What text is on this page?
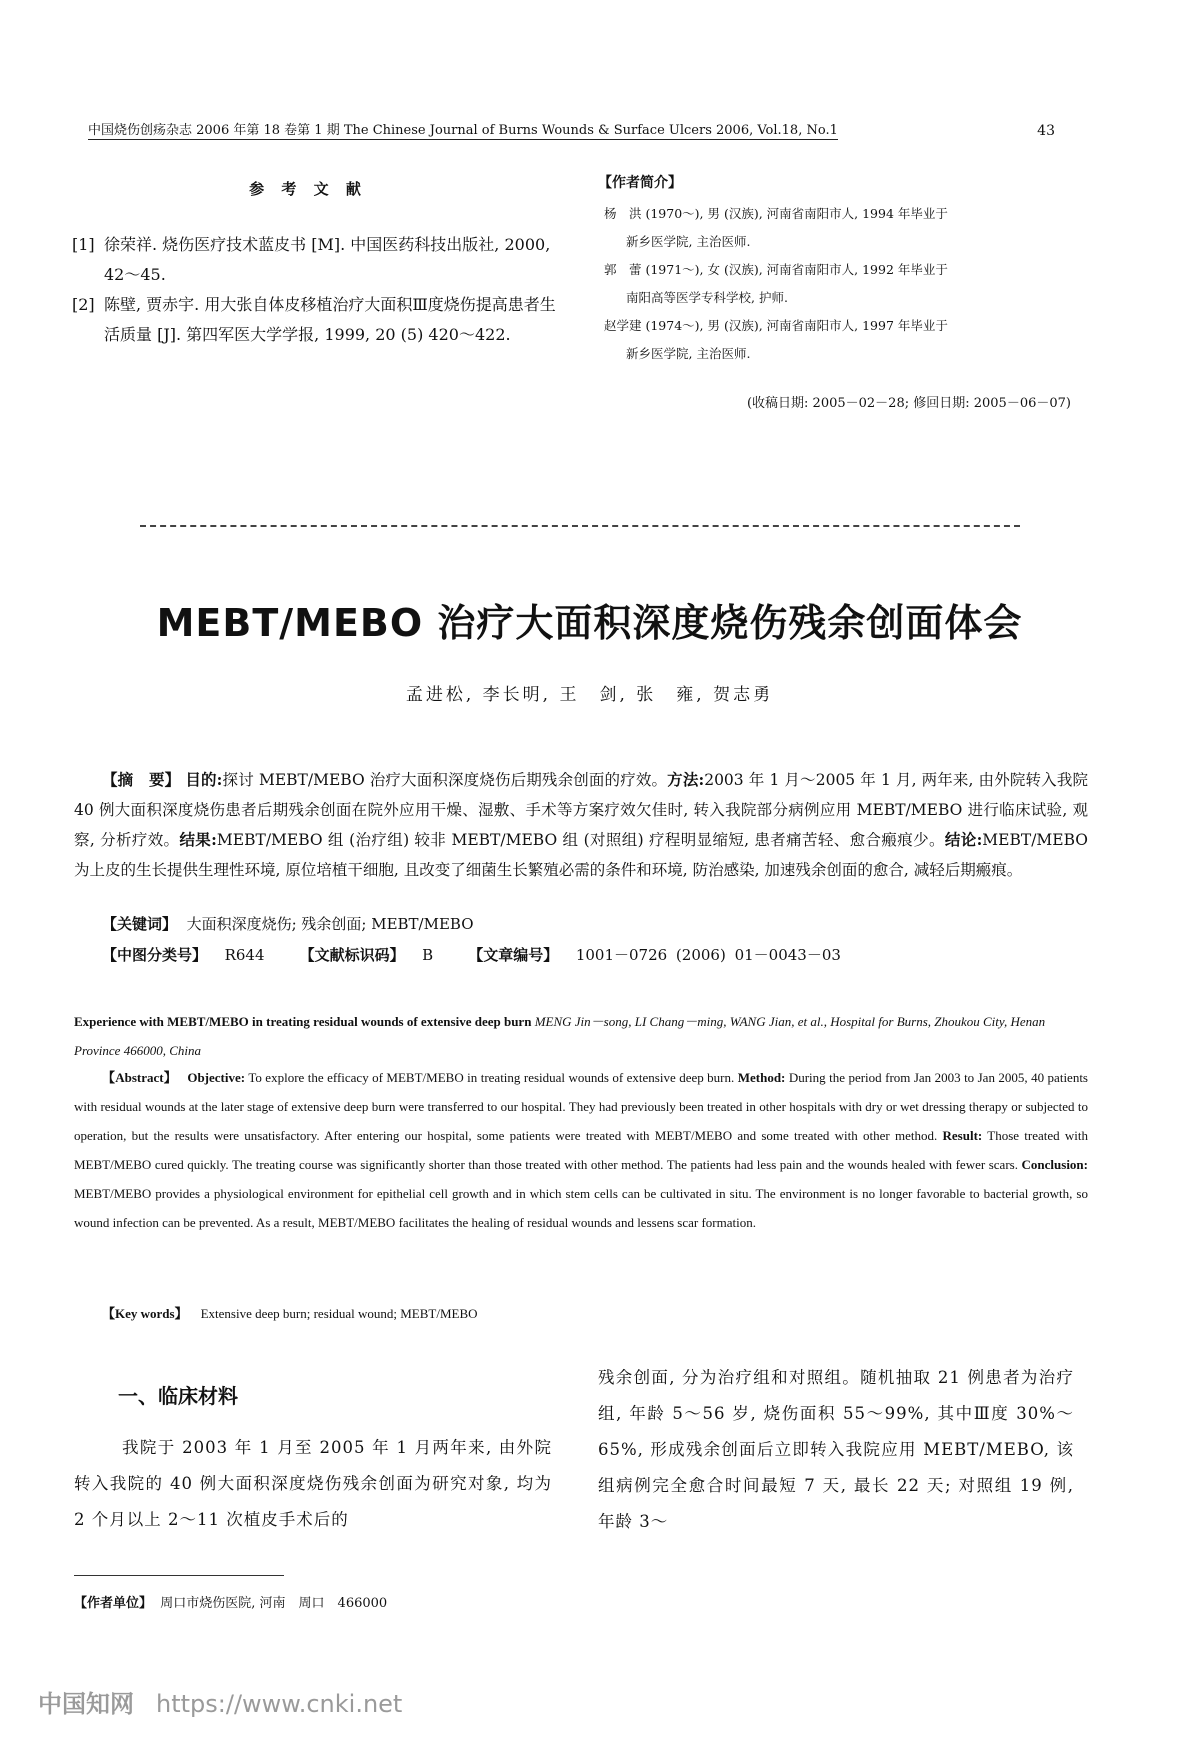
中国烧伤创疡杂志 2006 年第 18 卷第 1 期 The Chinese Journal of Burns Wounds & Surface Ulcers 2006, Vol.18, No.1	43
参 考 文 献
[1] 徐荣祥. 烧伤医疗技术蓝皮书 [M]. 中国医药科技出版社, 2000, 42～45.
[2] 陈壁, 贾赤宇. 用大张自体皮移植治疗大面积Ⅲ度烧伤提高患者生活质量 [J]. 第四军医大学学报, 1999, 20 (5) 420～422.
【作者简介】
杨　洪 (1970～), 男 (汉族), 河南省南阳市人, 1994 年毕业于
新乡医学院, 主治医师.
郭　蕾 (1971～), 女 (汉族), 河南省南阳市人, 1992 年毕业于
南阳高等医学专科学校, 护师.
赵学建 (1974～), 男 (汉族), 河南省南阳市人, 1997 年毕业于
新乡医学院, 主治医师.
(收稿日期: 2005－02－28; 修回日期: 2005－06－07)
MEBT/MEBO 治疗大面积深度烧伤残余创面体会
孟进松, 李长明, 王　剑, 张　雍, 贺志勇
【摘　要】 目的:探讨 MEBT/MEBO 治疗大面积深度烧伤后期残余创面的疗效。方法:2003 年 1 月～2005 年 1 月, 两年来, 由外院转入我院 40 例大面积深度烧伤患者后期残余创面在院外应用干燥、湿敷、手术等方案疗效欠佳时, 转入我院部分病例应用 MEBT/MEBO 进行临床试验, 观察, 分析疗效。结果:MEBT/MEBO 组 (治疗组) 较非 MEBT/MEBO 组 (对照组) 疗程明显缩短, 患者痛苦轻、愈合瘢痕少。结论:MEBT/MEBO 为上皮的生长提供生理性环境, 原位培植干细胞, 且改变了细菌生长繁殖必需的条件和环境, 防治感染, 加速残余创面的愈合, 减轻后期瘢痕。
【关键词】 大面积深度烧伤; 残余创面; MEBT/MEBO
【中图分类号】 R644 【文献标识码】 B 【文章编号】 1001－0726 (2006) 01－0043－03
Experience with MEBT/MEBO in treating residual wounds of extensive deep burn MENG Jin－song, LI Chang－ming, WANG Jian, et al., Hospital for Burns, Zhoukou City, Henan Province 466000, China
【Abstract】 Objective: To explore the efficacy of MEBT/MEBO in treating residual wounds of extensive deep burn. Method: During the period from Jan 2003 to Jan 2005, 40 patients with residual wounds at the later stage of extensive deep burn were transferred to our hospital. They had previously been treated in other hospitals with dry or wet dressing therapy or subjected to operation, but the results were unsatisfactory. After entering our hospital, some patients were treated with MEBT/MEBO and some treated with other method. Result: Those treated with MEBT/MEBO cured quickly. The treating course was significantly shorter than those treated with other method. The patients had less pain and the wounds healed with fewer scars. Conclusion: MEBT/MEBO provides a physiological environment for epithelial cell growth and in which stem cells can be cultivated in situ. The environment is no longer favorable to bacterial growth, so wound infection can be prevented. As a result, MEBT/MEBO facilitates the healing of residual wounds and lessens scar formation.
【Key words】 Extensive deep burn; residual wound; MEBT/MEBO
一、临床材料
我院于 2003 年 1 月至 2005 年 1 月两年来, 由外院转入我院的 40 例大面积深度烧伤残余创面为研究对象, 均为 2 个月以上 2～11 次植皮手术后的
残余创面, 分为治疗组和对照组。随机抽取 21 例患者为治疗组, 年龄 5～56 岁, 烧伤面积 55～99%, 其中Ⅲ度 30%～65%, 形成残余创面后立即转入我院应用 MEBT/MEBO, 该组病例完全愈合时间最短 7 天, 最长 22 天; 对照组 19 例, 年龄 3～
【作者单位】 周口市烧伤医院, 河南　周口　466000
中国知网 https://www.cnki.net
